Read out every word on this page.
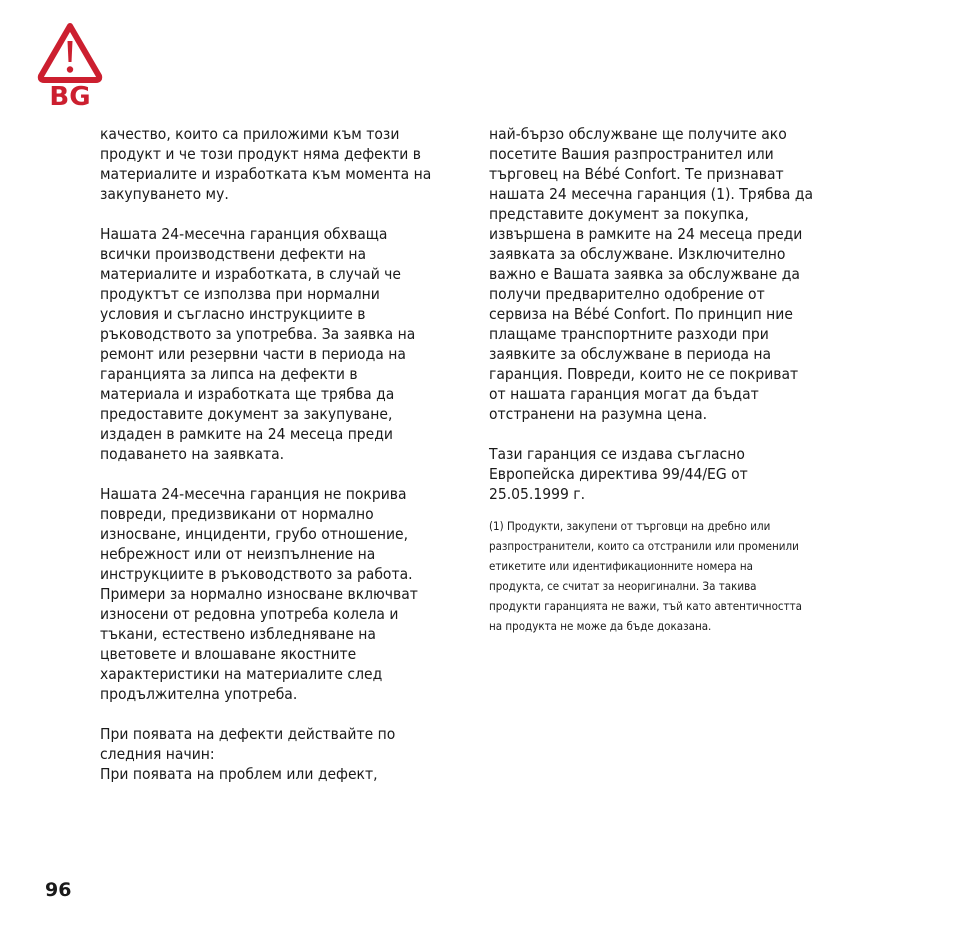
BG

качество, които са приложими към този
продукт и че този продукт няма дефекти в
материалите и изработката към момента на
закупуването му.

Нашата 24-месечна гаранция обхваща
всички производствени дефекти на
материалите и изработката, в случай че
продуктът се използва при нормални
условия и съгласно инструкциите в
ръководството за употребва. За заявка на
ремонт или резервни части в периода на
гаранцията за липса на дефекти в
материала и изработката ще трябва да
предоставите документ за закупуване,
издаден в рамките на 24 месеца преди
подаването на заявката.

Нашата 24-месечна гаранция не покрива
повреди, предизвикани от нормално
износване, инциденти, грубо отношение,
небрежност или от неизпълнение на
инструкциите в ръководството за работа.
Примери за нормално износване включват
износени от редовна употреба колела и
тъкани, естествено избледняване на
цветовете и влошаване якостните
характеристики на материалите след
продължителна употреба.

При появата на дефекти действайте по
следния начин:
При появата на проблем или дефект,

най-бързо обслужване ще получите ако
посетите Вашия разпространител или
търговец на Bébé Confort. Те признават
нашата 24 месечна гаранция (1). Трябва да
представите документ за покупка,
извършена в рамките на 24 месеца преди
заявката за обслужване. Изключително
важно е Вашата заявка за обслужване да
получи предварително одобрение от
сервиза на Bébé Confort. По принцип ние
плащаме транспортните разходи при
заявките за обслужване в периода на
гаранция. Повреди, които не се покриват
от нашата гаранция могат да бъдат
отстранени на разумна цена.

Тази гаранция се издава съгласно
Европейска директива 99/44/EG от
25.05.1999 г.

(1) Продукти, закупени от търговци на дребно или
разпространители, които са отстранили или променили
етикетите или идентификационните номера на
продукта, се считат за неоригинални. За такива
продукти гаранцията не важи, тъй като автентичността
на продукта не може да бъде доказана.

96
